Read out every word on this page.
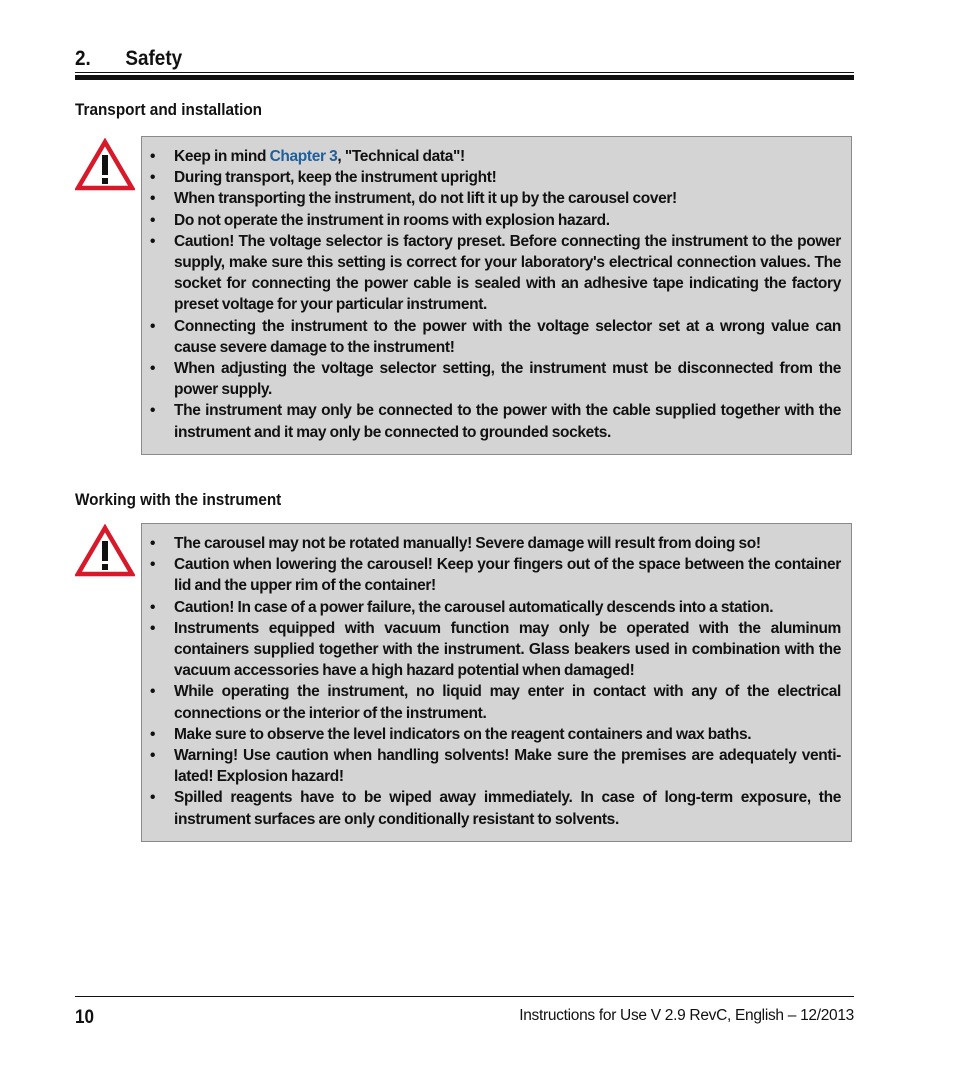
2. Safety
Transport and installation
• Keep in mind Chapter 3, "Technical data"!
• During transport, keep the instrument upright!
• When transporting the instrument, do not lift it up by the carousel cover!
• Do not operate the instrument in rooms with explosion hazard.
• Caution! The voltage selector is factory preset. Before connecting the instrument to the power supply, make sure this setting is correct for your laboratory's electrical connection values. The socket for connecting the power cable is sealed with an adhesive tape indicating the factory preset voltage for your particular instrument.
• Connecting the instrument to the power with the voltage selector set at a wrong value can cause severe damage to the instrument!
• When adjusting the voltage selector setting, the instrument must be disconnected from the power supply.
• The instrument may only be connected to the power with the cable supplied together with the instrument and it may only be connected to grounded sockets.
Working with the instrument
• The carousel may not be rotated manually! Severe damage will result from doing so!
• Caution when lowering the carousel! Keep your fingers out of the space between the container lid and the upper rim of the container!
• Caution! In case of a power failure, the carousel automatically descends into a station.
• Instruments equipped with vacuum function may only be operated with the aluminum containers supplied together with the instrument. Glass beakers used in combination with the vacuum accessories have a high hazard potential when damaged!
• While operating the instrument, no liquid may enter in contact with any of the electrical connections or the interior of the instrument.
• Make sure to observe the level indicators on the reagent containers and wax baths.
• Warning! Use caution when handling solvents! Make sure the premises are adequately venti-lated! Explosion hazard!
• Spilled reagents have to be wiped away immediately. In case of long-term exposure, the instrument surfaces are only conditionally resistant to solvents.
10	Instructions for Use V 2.9 RevC, English – 12/2013
